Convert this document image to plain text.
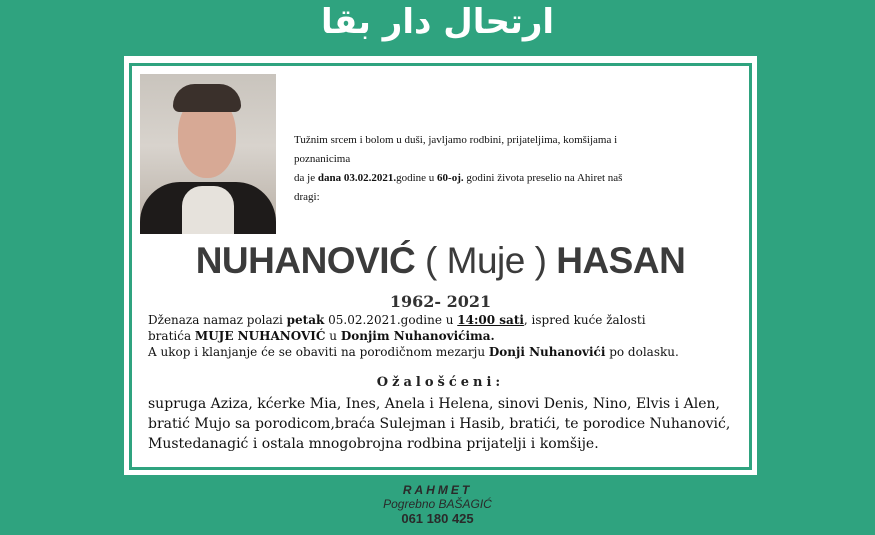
ارتحال دار بقا
Tužnim srcem i bolom u duši, javljamo rodbini, prijateljima, komšijama i poznanicima
da je dana 03.02.2021.godine u 60-oj. godini života preselio na Ahiret naš dragi:
NUHANOVIĆ ( Muje ) HASAN
1962- 2021
Dženaza namaz polazi petak 05.02.2021.godine u 14:00 sati, ispred kuće žalosti
bratića MUJE NUHANOVIĆ u Donjim Nuhanovićima.
A ukop i klanjanje će se obaviti na porodičnom mezarju Donji Nuhanovići po dolasku.
Ožalošćeni:
supruga Aziza, kćerke Mia, Ines, Anela i Helena, sinovi Denis, Nino, Elvis i Alen, bratić Mujo sa porodicom,braća Sulejman i Hasib, bratići, te porodice Nuhanović, Mustedanagić i ostala mnogobrojna rodbina prijatelji i komšije.
RAHMET
Pogrebno BAŠAGIĆ
061 180 425
